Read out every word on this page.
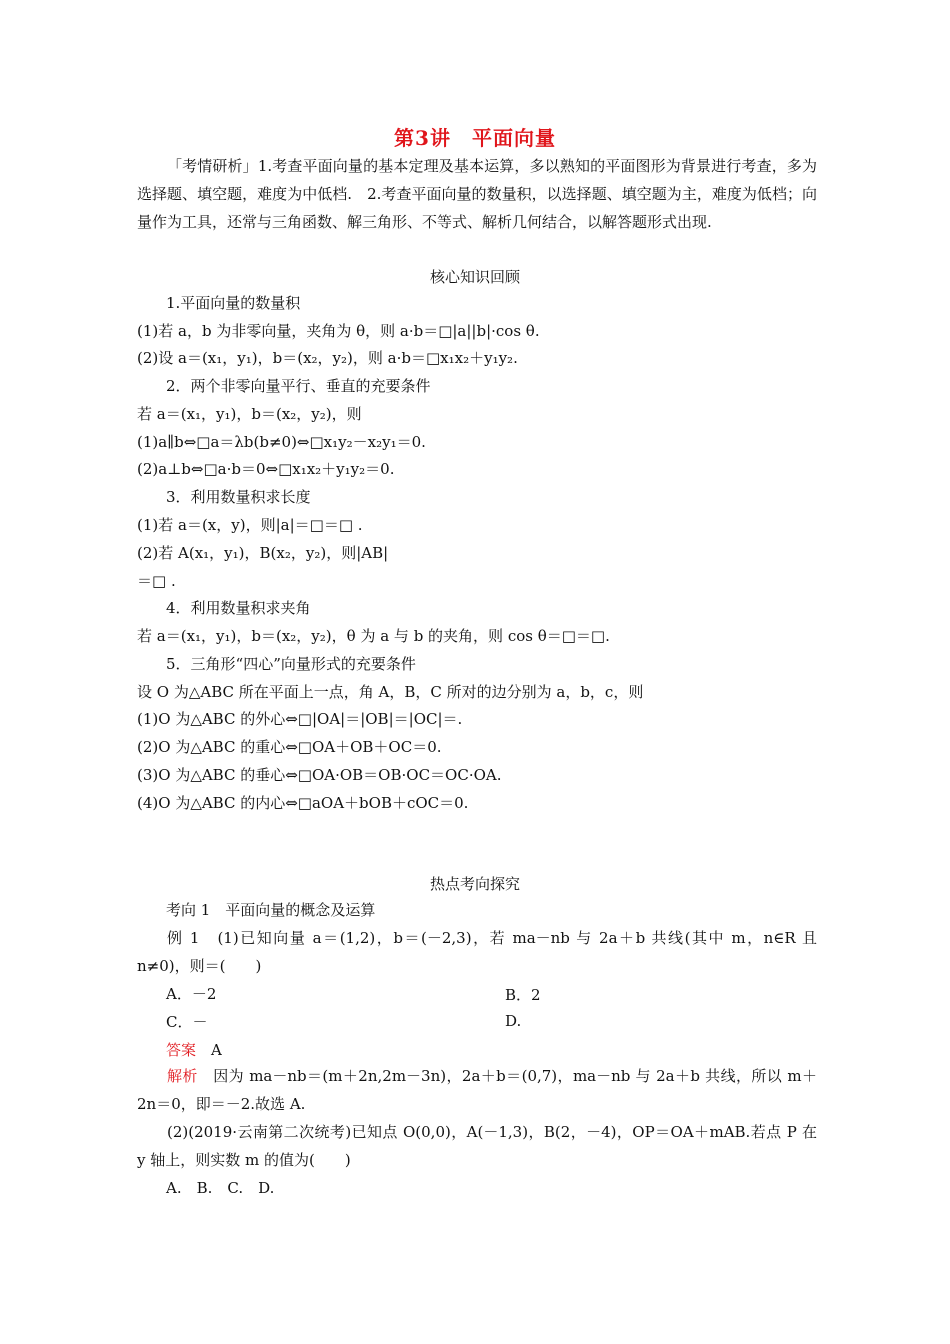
第3讲　平面向量
「考情研析」1.考查平面向量的基本定理及基本运算，多以熟知的平面图形为背景进行考查，多为选择题、填空题，难度为中低档.　2.考查平面向量的数量积，以选择题、填空题为主，难度为低档；向量作为工具，还常与三角函数、解三角形、不等式、解析几何结合，以解答题形式出现.
核心知识回顾
1.平面向量的数量积
(1)若 a，b 为非零向量，夹角为 θ，则 a·b＝□|a||b|·cos θ.
(2)设 a＝(x₁，y₁)，b＝(x₂，y₂)，则 a·b＝□x₁x₂＋y₁y₂.
2．两个非零向量平行、垂直的充要条件
若 a＝(x₁，y₁)，b＝(x₂，y₂)，则
(1)a∥b⇔□a＝λb(b≠0)⇔□x₁y₂－x₂y₁＝0.
(2)a⊥b⇔□a·b＝0⇔□x₁x₂＋y₁y₂＝0.
3．利用数量积求长度
(1)若 a＝(x，y)，则|a|＝□＝□ .
(2)若 A(x₁，y₁)，B(x₂，y₂)，则|AB|
＝□ .
4．利用数量积求夹角
若 a＝(x₁，y₁)，b＝(x₂，y₂)，θ 为 a 与 b 的夹角，则 cos θ＝□＝□.
5．三角形“四心”向量形式的充要条件
设 O 为△ABC 所在平面上一点，角 A，B，C 所对的边分别为 a，b，c，则
(1)O 为△ABC 的外心⇔□|OA|＝|OB|＝|OC|＝.
(2)O 为△ABC 的重心⇔□OA＋OB＋OC＝0.
(3)O 为△ABC 的垂心⇔□OA·OB＝OB·OC＝OC·OA.
(4)O 为△ABC 的内心⇔□aOA＋bOB＋cOC＝0.
热点考向探究
考向 1　平面向量的概念及运算
例 1　(1)已知向量 a＝(1,2)，b＝(－2,3)，若 ma－nb 与 2a＋b 共线(其中 m，n∈R 且 n≠0)，则＝(　　)
A．－2	B．2
C．－	D.
答案　 A
解析　 因为 ma－nb＝(m＋2n,2m－3n)，2a＋b＝(0,7)，ma－nb 与 2a＋b 共线，所以 m＋2n＝0，即＝－2.故选 A.
(2)(2019·云南第二次统考)已知点 O(0,0)，A(－1,3)，B(2，－4)，OP＝OA＋mAB.若点 P 在 y 轴上，则实数 m 的值为(　　)
A.　B.　C.　D.
